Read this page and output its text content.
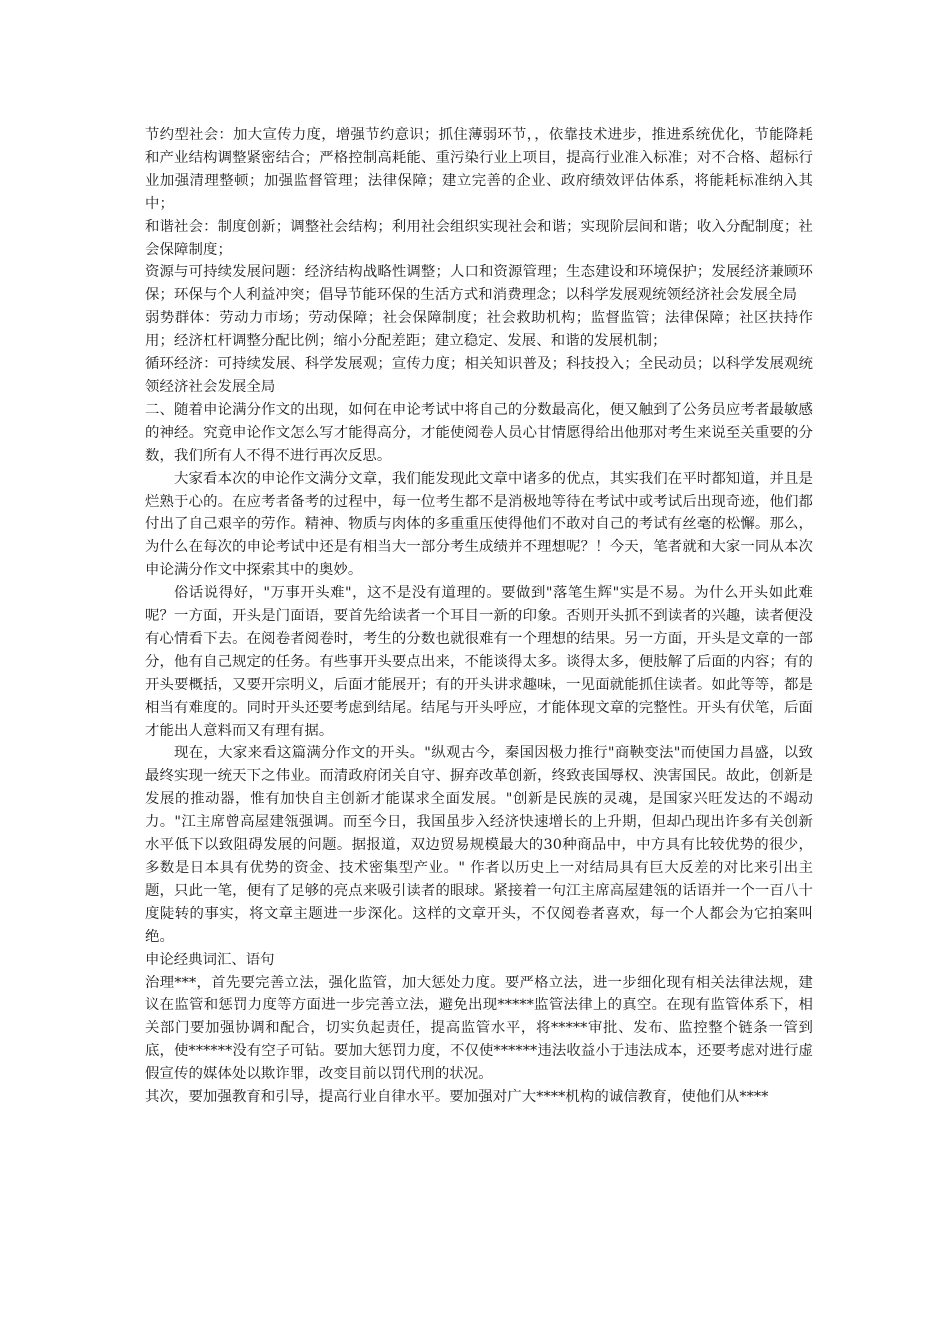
节约型社会：加大宣传力度，增强节约意识；抓住薄弱环节，，依靠技术进步，推进系统优化，节能降耗和产业结构调整紧密结合；严格控制高耗能、重污染行业上项目，提高行业准入标准；对不合格、超标行业加强清理整顿；加强监督管理；法律保障；建立完善的企业、政府绩效评估体系，将能耗标准纳入其中；

和谐社会：制度创新；调整社会结构；利用社会组织实现社会和谐；实现阶层间和谐；收入分配制度；社会保障制度；

资源与可持续发展问题：经济结构战略性调整；人口和资源管理；生态建设和环境保护；发展经济兼顾环保；环保与个人利益冲突；倡导节能环保的生活方式和消费理念；以科学发展观统领经济社会发展全局

弱势群体：劳动力市场；劳动保障；社会保障制度；社会救助机构；监督监管；法律保障；社区扶持作用；经济杠杆调整分配比例；缩小分配差距；建立稳定、发展、和谐的发展机制；

循环经济：可持续发展、科学发展观；宣传力度；相关知识普及；科技投入；全民动员；以科学发展观统领经济社会发展全局

二、随着申论满分作文的出现，如何在申论考试中将自己的分数最高化，便又触到了公务员应考者最敏感的神经。究竟申论作文怎么写才能得高分，才能使阅卷人员心甘情愿得给出他那对考生来说至关重要的分数，我们所有人不得不进行再次反思。

大家看本次的申论作文满分文章，我们能发现此文章中诸多的优点，其实我们在平时都知道，并且是烂熟于心的。在应考者备考的过程中，每一位考生都不是消极地等待在考试中或考试后出现奇迹，他们都付出了自己艰辛的劳作。精神、物质与肉体的多重重压使得他们不敢对自己的考试有丝毫的松懈。那么，为什么在每次的申论考试中还是有相当大一部分考生成绩并不理想呢？！今天，笔者就和大家一同从本次申论满分作文中探索其中的奥妙。

俗话说得好，"万事开头难"，这不是没有道理的。要做到"落笔生辉"实是不易。为什么开头如此难呢？一方面，开头是门面语，要首先给读者一个耳目一新的印象。否则开头抓不到读者的兴趣，读者便没有心情看下去。在阅卷者阅卷时，考生的分数也就很难有一个理想的结果。另一方面，开头是文章的一部分，他有自己规定的任务。有些事开头要点出来，不能谈得太多。谈得太多，便肢解了后面的内容；有的开头要概括，又要开宗明义，后面才能展开；有的开头讲求趣味，一见面就能抓住读者。如此等等，都是相当有难度的。同时开头还要考虑到结尾。结尾与开头呼应，才能体现文章的完整性。开头有伏笔，后面才能出人意料而又有理有据。

现在，大家来看这篇满分作文的开头。"纵观古今，秦国因极力推行"商鞅变法"而使国力昌盛，以致最终实现一统天下之伟业。而清政府闭关自守、摒弃改革创新，终致丧国辱权、泱害国民。故此，创新是发展的推动器，惟有加快自主创新才能谋求全面发展。"创新是民族的灵魂，是国家兴旺发达的不竭动力。"江主席曾高屋建瓴强调。而至今日，我国虽步入经济快速增长的上升期，但却凸现出许多有关创新水平低下以致阻碍发展的问题。据报道，双边贸易规模最大的30种商品中，中方具有比较优势的很少，多数是日本具有优势的资金、技术密集型产业。" 作者以历史上一对结局具有巨大反差的对比来引出主题，只此一笔，便有了足够的亮点来吸引读者的眼球。紧接着一句江主席高屋建瓴的话语并一个一百八十度陡转的事实，将文章主题进一步深化。这样的文章开头，不仅阅卷者喜欢，每一个人都会为它拍案叫绝。

申论经典词汇、语句

治理***，首先要完善立法，强化监管，加大惩处力度。要严格立法，进一步细化现有相关法律法规，建议在监管和惩罚力度等方面进一步完善立法，避免出现*****监管法律上的真空。在现有监管体系下，相关部门要加强协调和配合，切实负起责任，提高监管水平，将*****审批、发布、监控整个链条一管到底，使******没有空子可钻。要加大惩罚力度，不仅使******违法收益小于违法成本，还要考虑对进行虚假宣传的媒体处以欺诈罪，改变目前以罚代刑的状况。

其次，要加强教育和引导，提高行业自律水平。要加强对广大****机构的诚信教育，使他们从****
